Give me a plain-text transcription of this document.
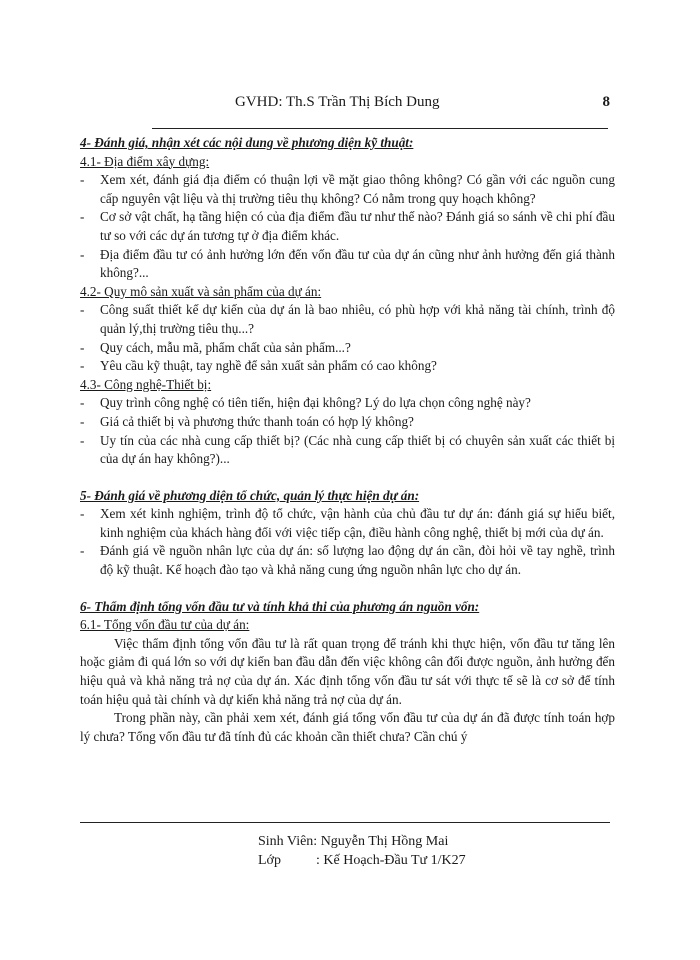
GVHD: Th.S Trần Thị Bích Dung	8

4- Đánh giá, nhận xét các nội dung về phương diện kỹ thuật:

4.1- Địa điểm xây dựng:

- Xem xét, đánh giá địa điểm có thuận lợi về mặt giao thông không? Có gần với các nguồn cung cấp nguyên vật liệu và thị trường tiêu thụ không? Có nằm trong quy hoạch không?
- Cơ sở vật chất, hạ tầng hiện có của địa điểm đầu tư như thế nào? Đánh giá so sánh về chi phí đầu tư so với các dự án tương tự ở địa điểm khác.
- Địa điểm đầu tư có ảnh hưởng lớn đến vốn đầu tư của dự án cũng như ảnh hưởng đến giá thành không?...

4.2- Quy mô sản xuất và sản phẩm của dự án:

- Công suất thiết kế dự kiến của dự án là bao nhiêu, có phù hợp với khả năng tài chính, trình độ quản lý,thị trường tiêu thụ...?
- Quy cách, mẫu mã, phẩm chất của sản phẩm...?
- Yêu cầu kỹ thuật, tay nghề để sản xuất sản phẩm có cao không?

4.3- Công nghệ-Thiết bị:

- Quy trình công nghệ có tiên tiến, hiện đại không? Lý do lựa chọn công nghệ này?
- Giá cả thiết bị và phương thức thanh toán có hợp lý không?
- Uy tín của các nhà cung cấp thiết bị? (Các nhà cung cấp thiết bị có chuyên sản xuất các thiết bị của dự án hay không?)...

5- Đánh giá về phương diện tổ chức, quản lý thực hiện dự án:

- Xem xét kinh nghiệm, trình độ tổ chức, vận hành của chủ đầu tư dự án: đánh giá sự hiểu biết, kinh nghiệm của khách hàng đối với việc tiếp cận, điều hành công nghệ, thiết bị mới của dự án.
- Đánh giá về nguồn nhân lực của dự án: số lượng lao động dự án cần, đòi hỏi về tay nghề, trình độ kỹ thuật. Kế hoạch đào tạo và khả năng cung ứng nguồn nhân lực cho dự án.

6- Thẩm định tổng vốn đầu tư và tính khả thi của phương án nguồn vốn:

6.1- Tổng vốn đầu tư của dự án:

Việc thẩm định tổng vốn đầu tư là rất quan trọng để tránh khi thực hiện, vốn đầu tư tăng lên hoặc giảm đi quá lớn so với dự kiến ban đầu dẫn đến việc không cân đối được nguồn, ảnh hưởng đến hiệu quả và khả năng trả nợ của dự án. Xác định tổng vốn đầu tư sát với thực tế sẽ là cơ sở để tính toán hiệu quả tài chính và dự kiến khả năng trả nợ của dự án.

Trong phần này, cần phải xem xét, đánh giá tổng vốn đầu tư của dự án đã được tính toán hợp lý chưa? Tổng vốn đầu tư đã tính đủ các khoản cần thiết chưa? Cần chú ý

Sinh Viên: Nguyễn Thị Hồng Mai
Lớp	: Kế Hoạch-Đầu Tư 1/K27
